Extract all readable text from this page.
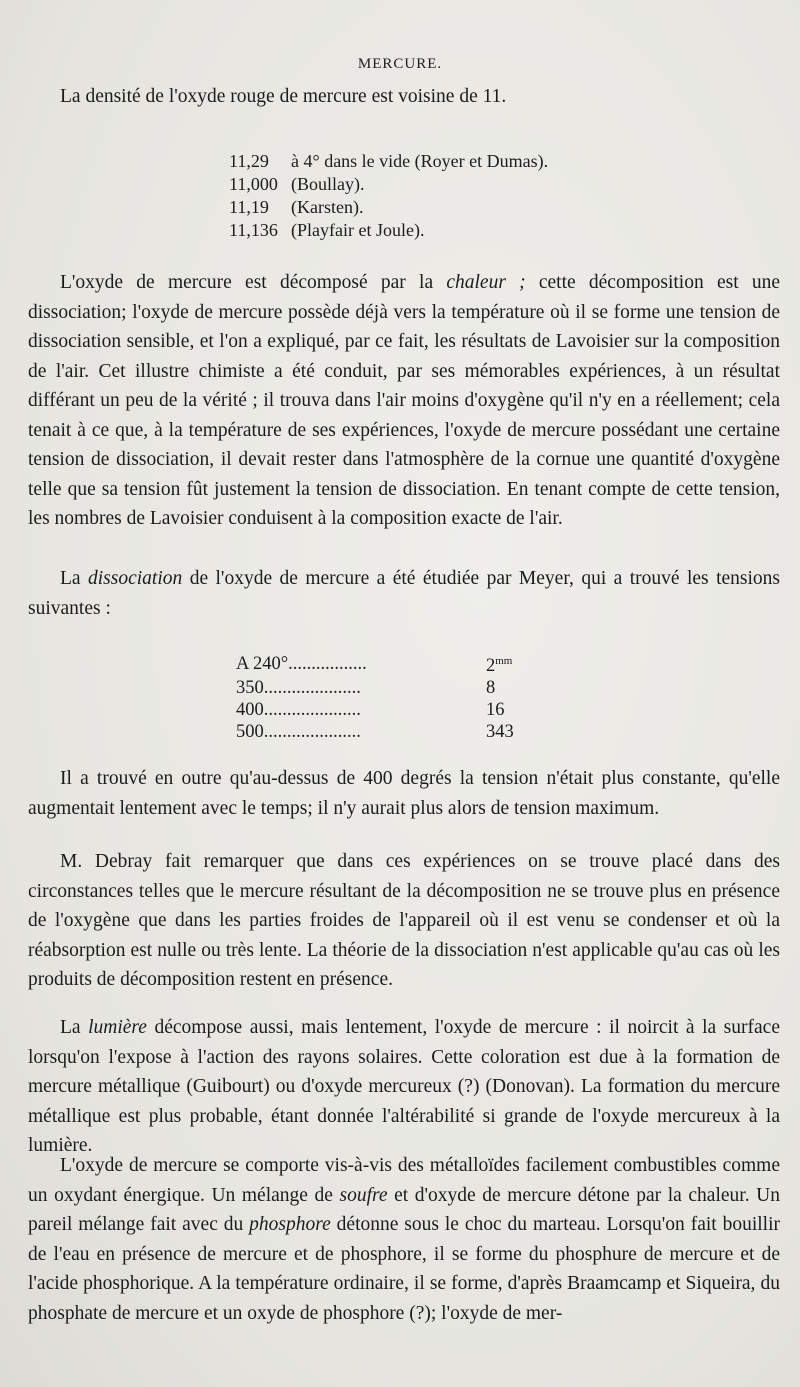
MERCURE.

La densité de l'oxyde rouge de mercure est voisine de 11.

11,29 à 4° dans le vide (Royer et Dumas).
11,000 (Boullay).
11,19 (Karsten).
11,136 (Playfair et Joule).

L'oxyde de mercure est décomposé par la chaleur ; cette décomposition est une dissociation; l'oxyde de mercure possède déjà vers la température où il se forme une tension de dissociation sensible, et l'on a expliqué, par ce fait, les résultats de Lavoisier sur la composition de l'air. Cet illustre chimiste a été conduit, par ses mémorables expériences, à un résultat différant un peu de la vérité ; il trouva dans l'air moins d'oxygène qu'il n'y en a réellement; cela tenait à ce que, à la température de ses expériences, l'oxyde de mercure possédant une certaine tension de dissociation, il devait rester dans l'atmosphère de la cornue une quantité d'oxygène telle que sa tension fût justement la tension de dissociation. En tenant compte de cette tension, les nombres de Lavoisier conduisent à la composition exacte de l'air.

La dissociation de l'oxyde de mercure a été étudiée par Meyer, qui a trouvé les tensions suivantes :

A 240°.................	$2^{mm}$
350.....................	8
400.....................	16
500.....................	343

Il a trouvé en outre qu'au-dessus de 400 degrés la tension n'était plus constante, qu'elle augmentait lentement avec le temps; il n'y aurait plus alors de tension maximum.

M. Debray fait remarquer que dans ces expériences on se trouve placé dans des circonstances telles que le mercure résultant de la décomposition ne se trouve plus en présence de l'oxygène que dans les parties froides de l'appareil où il est venu se condenser et où la réabsorption est nulle ou très lente. La théorie de la dissociation n'est applicable qu'au cas où les produits de décomposition restent en présence.

La lumière décompose aussi, mais lentement, l'oxyde de mercure : il noircit à la surface lorsqu'on l'expose à l'action des rayons solaires. Cette coloration est due à la formation de mercure métallique (Guibourt) ou d'oxyde mercureux (?) (Donovan). La formation du mercure métallique est plus probable, étant donnée l'altérabilité si grande de l'oxyde mercureux à la lumière.

L'oxyde de mercure se comporte vis-à-vis des métalloïdes facilement combustibles comme un oxydant énergique. Un mélange de soufre et d'oxyde de mercure détone par la chaleur. Un pareil mélange fait avec du phosphore détonne sous le choc du marteau. Lorsqu'on fait bouillir de l'eau en présence de mercure et de phosphore, il se forme du phosphure de mercure et de l'acide phosphorique. A la température ordinaire, il se forme, d'après Braamcamp et Siqueira, du phosphate de mercure et un oxyde de phosphore (?); l'oxyde de mer-
